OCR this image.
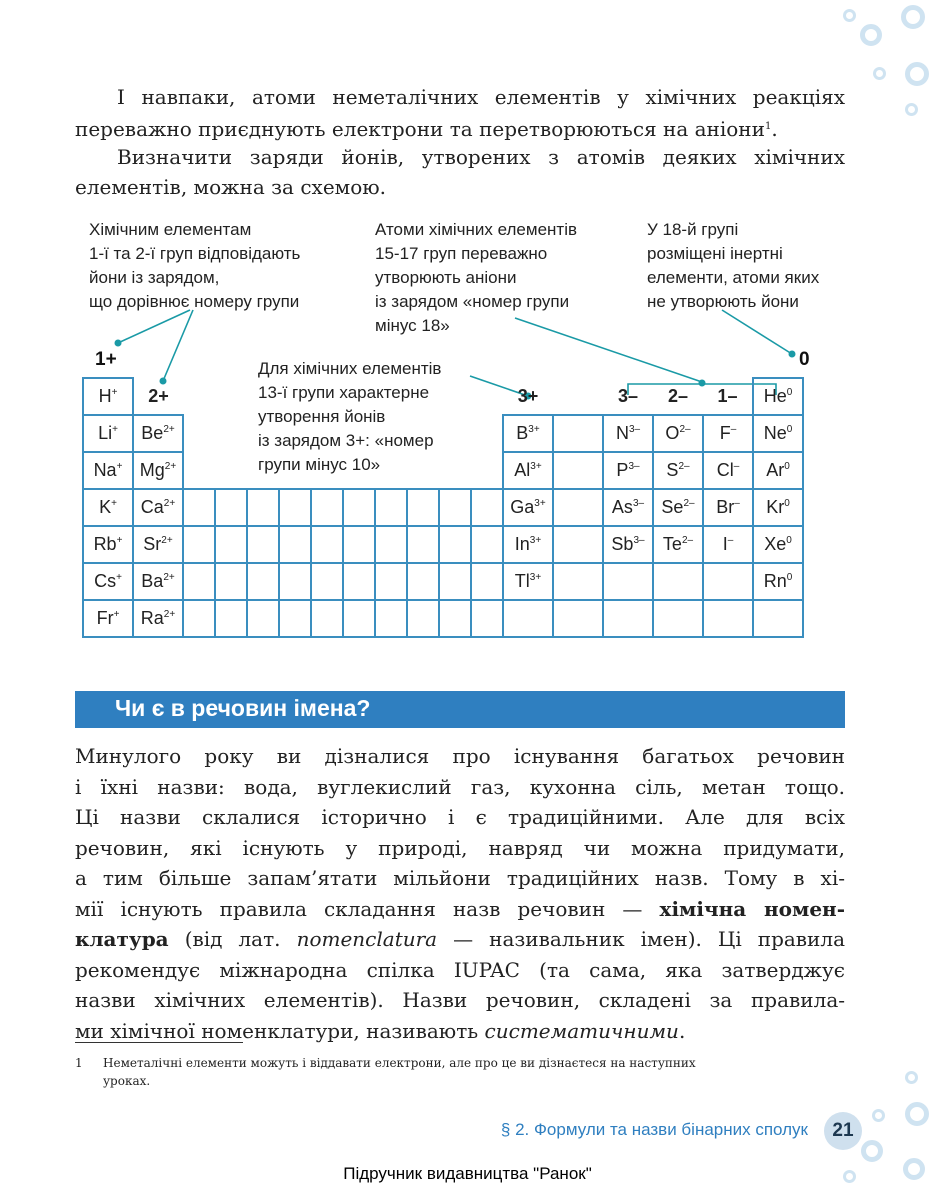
І навпаки, атоми неметалічних елементів у хімічних реакціях
переважно приєднують електрони та перетворюються на аніони$^1$.
Визначити заряди йонів, утворених з атомів деяких хімічних
елементів, можна за схемою.
Хімічним елементам
1-ї та 2-ї груп відповідають
йони із зарядом,
що дорівнює номеру групи
Атоми хімічних елементів
15-17 груп переважно
утворюють аніони
із зарядом «номер групи
мінус 18»
У 18-й групі
розміщені інертні
елементи, атоми яких
не утворюють йони
Для хімічних елементів
13-ї групи характерне
утворення йонів
із зарядом 3+: «номер
групи мінус 10»
1+	0
H+	2+											3+		3–	2–	1–	He$^0$
Li+	$Be^{2+}$											$B^{3+}$		$N^{3-}$	$O^{2-}$	F–	Ne$^0$
Na+	$Mg^{2+}$											$Al^{3+}$		$P^{3-}$	$S^{2-}$	Cl–	Ar$^0$
K+	$Ca^{2+}$											$Ga^{3+}$		$As^{3-}$	$Se^{2-}$	Br–	Kr$^0$
Rb+	$Sr^{2+}$											$In^{3+}$		$Sb^{3-}$	$Te^{2-}$	I–	Xe$^0$
Cs+	$Ba^{2+}$											$Tl^{3+}$					Rn$^0$
Fr+	$Ra^{2+}$																
Чи є в речовин імена?
Минулого року ви дізналися про існування багатьох речовин
і їхні назви: вода, вуглекислий газ, кухонна сіль, метан тощо.
Ці назви склалися історично і є традиційними. Але для всіх
речовин, які існують у природі, навряд чи можна придумати,
а тим більше запам’ятати мільйони традиційних назв. Тому в хі-
мії існують правила складання назв речовин — хімічна номен-
клатура (від лат. nomenclatura — називальник імен). Ці правила
рекомендує міжнародна спілка IUPAC (та сама, яка затверджує
назви хімічних елементів). Назви речовин, складені за правила-
ми хімічної номенклатури, називають систематичними.
1 Неметалічні елементи можуть і віддавати електрони, але про це ви дізнаєтеся на наступних
уроках.
§ 2. Формули та назви бінарних сполук	21
Підручник видавництва "Ранок"
